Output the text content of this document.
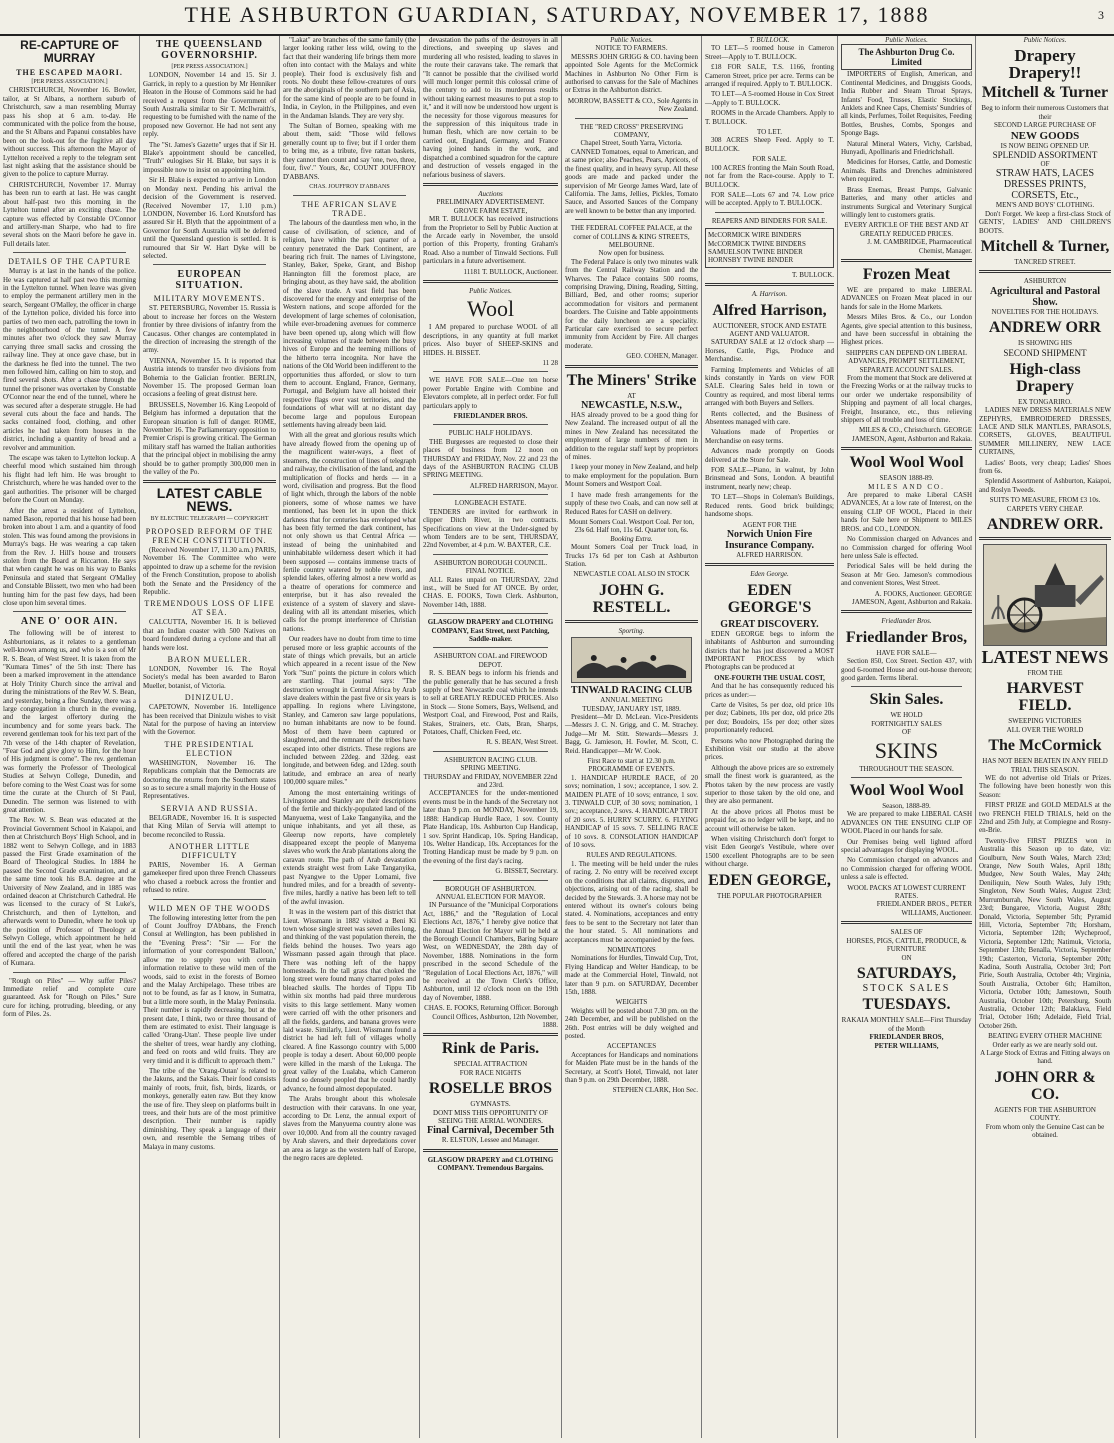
THE ASHBURTON GUARDIAN, SATURDAY, NOVEMBER 17, 1888	3
RE-CAPTURE OF MURRAY
THE ESCAPED MAORI.
[PER PRESS ASSOCIATION.]

CHRISTCHURCH, November 16. Bowler, tailor, at St Albans, a northern suburb of Christchurch, saw a man resembling Murray pass his shop at 6 a.m. to-day. He communicated with the police from the house, and the St Albans and Papanui constables have been on the look-out for the fugitive all day without success. This afternoon the Mayor of Lyttelton received a reply to the telegram sent last night asking that the assistance should be given to the police to capture Murray.

CHRISTCHURCH, November 17. Murray has been run to earth at last. He was caught about half-past two this morning in the Lyttelton tunnel after an exciting chase. The capture was effected by Constable O'Connor and artillery-man Sharpe, who had to fire several shots on the Maori before he gave in. Full details later.

DETAILS OF THE CAPTURE

Murray is at last in the hands of the police. He was captured at half past two this morning in the Lyttelton tunnel. When leave was given to employ the permanent artillery men in the search, Sergeant O'Malley, the officer in charge of the Lyttelton police, divided his force into parties of two men each, patrolling the town in the neighbourhood of the tunnel. A few minutes after two o'clock they saw Murray carrying three small sacks and crossing the railway line. They at once gave chase, but in the darkness he fled into the tunnel. The two men followed him, calling on him to stop, and fired several shots. After a chase through the tunnel the prisoner was overtaken by Constable O'Connor near the end of the tunnel, where he was secured after a desperate struggle. He had several cuts about the face and hands. The sacks contained food, clothing, and other articles he had taken from houses in the district, including a quantity of bread and a revolver and ammunition.

The escape was taken to Lyttelton lockup. A cheerful mood which sustained him through his flight had left him. He was brought to Christchurch, where he was handed over to the gaol authorities. The prisoner will be charged before the Court on Monday.

After the arrest a resident of Lyttelton, named Bason, reported that his house had been broken into about 1 a.m. and a quantity of food stolen. This was found among the provisions in Murray's bags. He was wearing a cap taken from the Rev. J. Hill's house and trousers stolen from the Board at Riccarton. He says that when caught he was on his way to Banks Peninsula and stated that Sergeant O'Malley and Constable Blissett, two men who had been hunting him for the past few days, had been close upon him several times.

ANE O' OOR AIN.

The following will be of interest to Ashburtonians, as it relates to a gentleman well-known among us, and who is a son of Mr R. S. Bean, of West Street. It is taken from the "Kumara Times" of the 5th inst: There has been a marked improvement in the attendance at Holy Trinity Church since the arrival and during the ministrations of the Rev W. S. Bean, and yesterday, being a fine Sunday, there was a large congregation in church in the evening, and the largest offertory during the incumbency and for some years back. The reverend gentleman took for his text part of the 7th verse of the 14th chapter of Revelation, "Fear God and give glory to Him, for the hour of His judgment is come". The rev. gentleman was formerly the Professor of Theological Studies at Selwyn College, Dunedin, and before coming to the West Coast was for some time the curate at the Church of St Paul, Dunedin. The sermon was listened to with great attention.

The Rev. W. S. Bean was educated at the Provincial Government School in Kaiapoi, and then at Christchurch Boys' High School, and in 1882 went to Selwyn College, and in 1883 passed the First Grade examination of the Board of Theological Studies. In 1884 he passed the Second Grade examination, and at the same time took his B.A. degree at the University of New Zealand, and in 1885 was ordained deacon at Christchurch Cathedral. He was licensed to the curacy of St Luke's, Christchurch, and then of Lyttelton, and afterwards went to Dunedin, where he took up the position of Professor of Theology at Selwyn College, which appointment he held until the end of the last year, when he was offered and accepted the charge of the parish of Kumara.

"Rough on Piles" — Why suffer Piles? Immediate relief and complete cure guaranteed. Ask for "Rough on Piles." Sure cure for itching, protruding, bleeding, or any form of Piles. 2s.

THE QUEENSLAND GOVERNORSHIP.
[PER PRESS ASSOCIATION.]

LONDON, November 14 and 15. Sir J. Garrick, in reply to a question by Mr Henniker Heaton in the House of Commons said he had received a request from the Government of South Australia similar to Sir T. McIlwraith's, requesting to be furnished with the name of the proposed new Governor. He had not sent any reply.

The "St. James's Gazette" urges that if Sir H. Blake's appointment should be cancelled, "Truth" eulogises Sir H. Blake, but says it is impossible now to insist on appointing him.

Sir H. Blake is expected to arrive in London on Monday next. Pending his arrival the decision of the Government is reserved. (Received November 17, 1.10 p.m.) LONDON, November 16. Lord Knutsford has assured Sir H. Blyth that the appointment of a Governor for South Australia will be deferred until the Queensland question is settled. It is rumoured that Sir W. Hart Dyke will be selected.

EUROPEAN SITUATION.
MILITARY MOVEMENTS.

ST. PETERSBURG, November 15. Russia is about to increase her forces on the Western frontier by three divisions of infantry from the Caucasus. Other changes are contemplated in the direction of increasing the strength of the army.

VIENNA, November 15. It is reported that Austria intends to transfer two divisions from Bohemia to the Galician frontier. BERLIN, November 15. The proposed German loan occasions a feeling of great distrust here.

BRUSSELS, November 16. King Leopold of Belgium has informed a deputation that the European situation is full of danger. ROME, November 16. The Parliamentary opposition to Premier Crispi is growing critical. The German military staff has warned the Italian authorities that the principal object in mobilising the army should be to gather promptly 300,000 men in the valley of the Po.

LATEST CABLE NEWS.
BY ELECTRIC TELEGRAPH — COPYRIGHT
PROPOSED REFORM OF THE FRENCH CONSTITUTION.

(Received November 17, 11.30 a.m.) PARIS, November 16. The Committee who were appointed to draw up a scheme for the revision of the French Constitution, propose to abolish both the Senate and the Presidency of the Republic.

TREMENDOUS LOSS OF LIFE AT SEA.

CALCUTTA, November 16. It is believed that an Indian coaster with 500 Natives on board foundered during a cyclone and that all hands were lost.

BARON MUELLER.

LONDON, November 16. The Royal Society's medal has been awarded to Baron Mueller, botanist, of Victoria.

DINIZULU.

CAPETOWN, November 16. Intelligence has been received that Dinizulu wishes to visit Natal for the purpose of having an interview with the Governor.

THE PRESIDENTIAL ELECTION

WASHINGTON, November 16. The Republicans complain that the Democrats are doctoring the returns from the Southern states so as to secure a small majority in the House of Representatives.

SERVIA AND RUSSIA.

BELGRADE, November 16. It is suspected that King Milan of Servia will attempt to become reconciled to Russia.

ANOTHER LITTLE DIFFICULTY

PARIS, November 16. A German gamekeeper fired upon three French Chasseurs who chased a roebuck across the frontier and refused to retire.

WILD MEN OF THE WOODS

The following interesting letter from the pen of Count Jouffroy D'Abbans, the French Consul at Wellington, has been published in the "Evening Press": "Sir — For the information of your correspondent 'Balloon,' allow me to supply you with certain information relative to these wild men of the woods, said to exist in the forests of Borneo and the Malay Archipelago. These tribes are not to be found, as far as I know, in Sumatra, but a little more south, in the Malay Peninsula. Their number is rapidly decreasing, but at the present date, I think, two or three thousand of them are estimated to exist. Their language is called 'Orang-Utan'. These people live under the shelter of trees, wear hardly any clothing, and feed on roots and wild fruits. They are very timid and it is difficult to approach them."

The tribe of the 'Orang-Outan' is related to the Jakuns, and the Sakais. Their food consists mainly of roots, fruit, fish, birds, lizards, or monkeys, generally eaten raw. But they know the use of fire. They sleep on platforms built in trees, and their huts are of the most primitive description. Their number is rapidly diminishing. They speak a language of their own, and resemble the Semang tribes of Malaya in many customs.

"Lakat" are branches of the same family (the larger looking rather less wild, owing to the fact that their wandering life brings them more often into contact with the Malays and white people). Their food is exclusively fish and roots. No doubt these fellow-creatures of ours are the aboriginals of the southern part of Asia, for the same kind of people are to be found in India, in Ceylon, in the Philippines, and even in the Andaman Islands. They are very shy.

The Sultan of Borneo, speaking with me about them, said: "Those wild fellows generally count up to five; but if I order them to bring me, as a tribute, five rattan baskets, they cannot then count and say 'one, two, three, four, five'." Yours, &c, COUNT JOUFFROY D'ABBANS.

CHAS. JOUFFROY D'ABBANS
THE AFRICAN SLAVE TRADE.

The labours of the dauntless men who, in the cause of civilisation, of science, and of religion, have within the past quarter of a century penetrated the Dark Continent, are bearing rich fruit. The names of Livingstone, Stanley, Baker, Speke, Grant, and Bishop Hannington fill the foremost place, are bringing about, as they have said, the abolition of the slave trade. A vast field has been discovered for the energy and enterprise of the Western nations, and scope afforded for the development of large schemes of colonisation, while ever-broadening avenues for commerce have been opened up, along which will flow increasing volumes of trade between the busy hives of Europe and the teeming millions of the hitherto terra incognita. Nor have the nations of the Old World been indifferent to the opportunities thus afforded, or slow to turn them to account. England, France, Germany, Portugal, and Belgium have all hoisted their respective flags over vast territories, and the foundations of what will at no distant day become large and populous European settlements having already been laid.

With all the great and glorious results which have already flowed from the opening up of the magnificent water-ways, a fleet of steamers, the construction of lines of telegraph and railway, the civilisation of the land, and the multiplication of flocks and herds — in a word, civilisation and progress. But the flood of light which, through the labors of the noble pioneers, some of whose names we have mentioned, has been let in upon the thick darkness that for centuries has enveloped what has been fitly termed the dark continent, has not only shown us that Central Africa — instead of being the uninhabited and uninhabitable wilderness desert which it had been supposed — contains immense tracts of fertile country watered by noble rivers, and splendid lakes, offering almost a new world as a theatre of operations for commerce and enterprise, but it has also revealed the existence of a system of slavery and slave-dealing with all its attendant miseries, which calls for the prompt interference of Christian nations.

Our readers have no doubt from time to time perused more or less graphic accounts of the state of things which prevails, but an article which appeared in a recent issue of the New York "Sun" points the picture in colors which are startling. That journal says: "The destruction wrought in Central Africa by Arab slave dealers within the past five or six years is appalling. In regions where Livingstone, Stanley, and Cameron saw large populations, no human inhabitants are now to be found. Most of them have been captured or slaughtered, and the remnant of the tribes have escaped into other districts. These regions are included between 22deg. and 32deg. east longitude, and between 6deg. and 12deg. south latitude, and embrace an area of nearly 100,000 square miles."

Among the most entertaining writings of Livingstone and Stanley are their descriptions of the fertile and thickly-populated land of the Manyuema, west of Lake Tanganyika, and the unique inhabitants, and yet all these, as Gleerup now reports, have completely disappeared except the people of Manyema slaves who work the Arab plantations along the caravan route. The path of Arab devastation extends straight west from Lake Tanganyika, past Nyangwe to the Upper Lomami, five hundred miles, and for a breadth of seventy-five miles, hardly a native has been left to tell of the awful invasion.

It was in the western part of this district that Lieut. Wissmann in 1882 visited a Beni Ki town whose single street was seven miles long, and thinking of the vast population therein, the fields behind the houses. Two years ago Wissmann passed again through that place. There was nothing left of the happy homesteads. In the tall grass that choked the long street were found many charred poles and bleached skulls. The hordes of Tippu Tib within six months had paid three murderous visits to this large settlement. Many women were carried off with the other prisoners and all the fields, gardens, and banana groves were laid waste. Similarly, Lieut. Wissmann found a district he had left full of villages wholly cleared. A fine Kassongo country with 5,000 people is today a desert. About 60,000 people were killed in the marsh of the Lukuga. The great valley of the Lualaba, which Cameron found so densely peopled that he could hardly advance, he found almost depopulated.

The Arabs brought about this wholesale destruction with their caravans. In one year, according to Dr. Lenz, the annual export of slaves from the Manyuema country alone was over 10,000. And from all the country ravaged by Arab slavers, and their depredations cover an area as large as the western half of Europe, the negro races are depleted.

devastation the paths of the destroyers in all directions, and sweeping up slaves and murdering all who resisted, leading to slaves in the route their caravans take. The remark that "It cannot be possible that the civilised world will much longer permit this colossal crime of the century to add to its murderous results without taking earnest measures to put a stop to it," and it will now be understood how urgent is the necessity for those vigorous measures for the suppression of this iniquitous trade in human flesh, which are now certain to be carried out, England, Germany, and France having joined hands in the work, and dispatched a combined squadron for the capture and destruction of vessels engaged in the nefarious business of slavers.

Auctions
PRELIMINARY ADVERTISEMENT.
GROVE FARM ESTATE,

MR T. BULLOCK has received instructions from the Proprietor to Sell by Public Auction at the Arcade early in November, the unsold portion of this Property, fronting Graham's Road. Also a number of Tinwald Sections. Full particulars in a future advertisement.

11181 T. BULLOCK, Auctioneer.
Public Notices.
Wool

I AM prepared to purchase WOOL of all descriptions, in any quantity at full market prices. Also buyer of SHEEP-SKINS and HIDES. H. BISSET.

11 28

WE HAVE FOR SALE—One ten horse power Portable Engine with Combine and Elevators complete, all in perfect order. For full particulars apply to

FRIEDLANDER BROS.
PUBLIC HALF HOLIDAYS.

THE Burgesses are requested to close their places of business from 12 noon on THURSDAY and FRIDAY, Nov. 22 and 23 the days of the ASHBURTON RACING CLUB SPRING MEETING.

ALFRED HARRISON, Mayor.
LONGBEACH ESTATE.

TENDERS are invited for earthwork in clipper Ditch River, in two contracts. Specifications on view at the Under-signed by whom Tenders are to be sent, THURSDAY, 22nd November, at 4 p.m. W. BAXTER, C.E.

ASHBURTON BOROUGH COUNCIL.
FINAL NOTICE.

ALL Rates unpaid on THURSDAY, 22nd inst., will be Sued for AT ONCE. By order, CHAS. E. FOOKS, Town Clerk. Ashburton, November 14th, 1888.

GLASGOW DRAPERY and CLOTHING COMPANY, East Street, next Patching, Saddle-maker.
ASHBURTON COAL and FIREWOOD DEPOT.

R. S. BEAN begs to inform his friends and the public generally that he has secured a fresh supply of best Newcastle coal which he intends to sell at GREATLY REDUCED PRICES. Also in Stock — Stone Somers, Bays, Wellsend, and Westport Coal, and Firewood, Post and Rails, Stakes, Strainers, etc. Oats, Bran, Sharps, Potatoes, Chaff, Chicken Feed, etc.

R. S. BEAN, West Street.
ASHBURTON RACING CLUB.
SPRING MEETING.
THURSDAY and FRIDAY, NOVEMBER 22nd and 23rd.

ACCEPTANCES for the under-mentioned events must be in the hands of the Secretary not later than 9 p.m. on MONDAY, November 19, 1888: Handicap Hurdle Race, 1 sov. County Plate Handicap, 10s. Ashburton Cup Handicap, 1 sov. Sprint Handicap, 10s. Spring Handicap, 10s. Welter Handicap, 10s. Acceptances for the Trotting Handicap must be made by 9 p.m. on the evening of the first day's racing.

G. BISSET, Secretary.
BOROUGH OF ASHBURTON.
ANNUAL ELECTION FOR MAYOR.

IN Pursuance of the "Municipal Corporations Act, 1886," and the "Regulation of Local Elections Act, 1876," I hereby give notice that the Annual Election for Mayor will be held at the Borough Council Chambers, Baring Square West, on WEDNESDAY, the 28th day of November, 1888. Nominations in the form prescribed in the second Schedule of the "Regulation of Local Elections Act, 1876," will be received at the Town Clerk's Office, Ashburton, until 12 o'clock noon on the 19th day of November, 1888.

CHAS. E. FOOKS, Returning Officer. Borough Council Offices, Ashburton, 12th November, 1888.
Rink de Paris.
SPECIAL ATTRACTION
FOR RACE NIGHTS
ROSELLE BROS
GYMNASTS.
DONT MISS THIS OPPORTUNITY OF SEEING THE AERIAL WONDERS.
Final Carnival, December 5th
R. ELSTON, Lessee and Manager.
GLASGOW DRAPERY and CLOTHING COMPANY. Tremendous Bargains.
Public Notices.
NOTICE TO FARMERS.

MESSRS JOHN GRIGG & CO. having been appointed Sole Agents for the McCormick Machines in Ashburton No Other Firm is authorised to canvass for the Sale of Machines or Extras in the Ashburton district.

MORROW, BASSETT & CO., Sole Agents in New Zealand.
THE "RED CROSS" PRESERVING COMPANY,
Chapel Street, South Yarra, Victoria.

CANNED Tomatoes, equal to American, and at same price; also Peaches, Pears, Apricots, of the finest quality, and in heavy syrup. All these goods are made and packed under the supervision of Mr George James Ward, late of California. The Jams, Jellies, Pickles, Tomato Sauce, and Assorted Sauces of the Company are well known to be better than any imported.

THE FEDERAL COFFEE PALACE, at the corner of COLLINS & KING STREETS, MELBOURNE.
Now open for business.

The Federal Palace is only two minutes walk from the Central Railway Station and the Wharves. The Palace contains 500 rooms, comprising Drawing, Dining, Reading, Sitting, Billiard, Bed, and other rooms; superior accommodation for visitors and permanent boarders. The Cuisine and Table appointments for the daily luncheon are a speciality. Particular care exercised to secure perfect immunity from Accident by Fire. All charges moderate.

GEO. COHEN, Manager.
The Miners' Strike
AT
NEWCASTLE, N.S.W.,

HAS already proved to be a good thing for New Zealand. The increased output of all the mines in New Zealand has necessitated the employment of large numbers of men in addition to the regular staff kept by proprietors of mines.

I keep your money in New Zealand, and help to make employment for the population. Burn Mount Somers and Westport Coal.

I have made fresh arrangements for the supply of these two Coals, and can now sell at Reduced Rates for CASH on delivery.

Mount Somers Coal. Westport Coal. Per ton, 23s 6d. Half ton, 11s 6d. Quarter ton, 6s.
Booking Extra.

Mount Somers Coal per Truck load, in Trucks 17s 6d per ton Cash at Ashburton Station.

NEWCASTLE COAL ALSO IN STOCK
JOHN G. RESTELL.
Sporting.
TINWALD RACING CLUB
ANNUAL MEETING
TUESDAY, JANUARY 1ST, 1889.

President—Mr D. McLean. Vice-Presidents—Messrs J. C. N. Grigg, and C. M. Strachey. Judge—Mr M. Stitt. Stewards—Messrs J. Bagg, G. Jamieson, H. Fowler, M. Scott, C. Reid. Handicapper—Mr W. Cook.

First Race to start at 12.30 p.m.
PROGRAMME OF EVENTS.

1. HANDICAP HURDLE RACE, of 20 sovs; nomination, 1 sov.; acceptance, 1 sov. 2. MAIDEN PLATE of 10 sovs; entrance, 1 sov. 3. TINWALD CUP, of 30 sovs; nomination, 1 sov.; acceptance, 2 sovs. 4. HANDICAP TROT of 20 sovs. 5. HURRY SCURRY. 6. FLYING HANDICAP of 15 sovs. 7. SELLING RACE of 10 sovs. 8. CONSOLATION HANDICAP of 10 sovs.

RULES AND REGULATIONS.

1. The meeting will be held under the rules of racing. 2. No entry will be received except on the conditions that all claims, disputes, and objections, arising out of the racing, shall be decided by the Stewards. 3. A horse may not be entered without its owner's colours being stated. 4. Nominations, acceptances and entry fees to be sent to the Secretary not later than the hour stated. 5. All nominations and acceptances must be accompanied by the fees.

NOMINATIONS

Nominations for Hurdles, Tinwald Cup, Trot, Flying Handicap and Welter Handicap, to be made at the Commercial Hotel, Tinwald, not later than 9 p.m. on SATURDAY, December 15th, 1888.

WEIGHTS

Weights will be posted about 7.30 pm. on the 24th December, and will be published on the 26th. Post entries will be duly weighed and posted.

ACCEPTANCES

Acceptances for Handicaps and nominations for Maiden Plate must be in the hands of the Secretary, at Scott's Hotel, Tinwald, not later than 9 p.m. on 29th December, 1888.

STEPHEN CLARK, Hon Sec.
T. BULLOCK.

TO LET—5 roomed house in Cameron Street—Apply to T. BULLOCK.

£18 FOR SALE, T.S. 1166, fronting Cameron Street, price per acre. Terms can be arranged if required. Apply to T. BULLOCK.

TO LET—A 5-roomed House in Cox Street—Apply to T. BULLOCK.

ROOMS in the Arcade Chambers. Apply to T. BULLOCK.

TO LET.

308 ACRES Sheep Feed. Apply to T. BULLOCK.

FOR SALE.

100 ACRES fronting the Main South Road, not far from the Race-course. Apply to T. BULLOCK.

FOR SALE—Lots 67 and 74. Low price will be accepted. Apply to T. BULLOCK.

REAPERS AND BINDERS FOR SALE.
McCORMICK WIRE BINDERS
McCORMICK TWINE BINDERS
SAMUELSON TWINE BINDER
HORNSBY TWINE BINDER
T. BULLOCK.
A. Harrison.
Alfred Harrison,
AUCTIONEER, STOCK AND ESTATE AGENT AND VALUATOR.

SATURDAY SALE at 12 o'clock sharp — Horses, Cattle, Pigs, Produce and Merchandise.

Farming Implements and Vehicles of all kinds constantly in Yards on view FOR SALE. Clearing Sales held in town or Country as required, and most liberal terms arranged with both Buyers and Sellers.

Rents collected, and the Business of Absentees managed with care.

Valuations made of Properties or Merchandise on easy terms.

Advances made promptly on Goods delivered at the Store for Sale.

FOR SALE—Piano, in walnut, by John Brinsmead and Sons, London. A beautiful instrument, nearly new; cheap.

TO LET—Shops in Coleman's Buildings, Reduced rents. Good brick buildings; handsome shops.

AGENT FOR THE
Norwich Union Fire Insurance Company.
ALFRED HARRISON.
Eden George.
EDEN GEORGE'S
GREAT DISCOVERY.

EDEN GEORGE begs to inform the inhabitants of Ashburton and surrounding districts that he has just discovered a MOST IMPORTANT PROCESS by which Photographs can be produced at

ONE-FOURTH THE USUAL COST,

And that he has consequently reduced his prices as under:—

Carte de Visites, 5s per doz, old price 10s per doz; Cabinets, 10s per doz, old price 20s per doz; Boudoirs, 15s per doz; other sizes proportionately reduced.

Persons who now Photographed during the Exhibition visit our studio at the above prices.

Although the above prices are so extremely small the finest work is guaranteed, as the Photos taken by the new process are vastly superior to those taken by the old one, and they are also permanent.

At the above prices all Photos must be prepaid for, as no ledger will be kept, and no account will otherwise be taken.

When visiting Christchurch don't forget to visit Eden George's Vestibule, where over 1500 excellent Photographs are to be seen without charge.

EDEN GEORGE,
THE POPULAR PHOTOGRAPHER
Public Notices.
The Ashburton Drug Co. Limited

IMPORTERS of English, American, and Continental Medicines, and Druggists Goods, India Rubber and Steam Throat Sprays, Infants' Food, Trusses, Elastic Stockings, Anklets and Knee Caps, Chemists' Sundries of all kinds, Perfumes, Toilet Requisites, Feeding Bottles, Brushes, Combs, Sponges and Sponge Bags.

Natural Mineral Waters, Vichy, Carlsbad, Hunyadi, Apollinaris and Friedrichshall.

Medicines for Horses, Cattle, and Domestic Animals. Baths and Drenches administered when required.

Brass Enemas, Breast Pumps, Galvanic Batteries, and many other articles and instruments Surgical and Veterinary Surgical willingly lent to customers gratis.

EVERY ARTICLE OF THE BEST AND AT GREATLY REDUCED PRICES.
J. M. CAMBRIDGE, Pharmaceutical Chemist, Manager.
Frozen Meat

WE are prepared to make LIBERAL ADVANCES on Frozen Meat placed in our hands for sale in the Home Markets.

Messrs Miles Bros. & Co., our London Agents, give special attention to this business, and have been successful in obtaining the Highest prices.

SHIPPERS CAN DEPEND ON LIBERAL ADVANCES, PROMPT SETTLEMENT, SEPARATE ACCOUNT SALES.

From the moment that Stock are delivered at the Freezing Works or at the railway trucks to our order we undertake responsibility of Shipping and payment of all local charges, Freight, Insurance, etc., thus relieving shippers of all trouble and loss of time.

MILES & CO., Christchurch. GEORGE JAMESON, Agent, Ashburton and Rakaia.
Wool Wool Wool
SEASON 1888-89.
MILES AND CO.

Are prepared to make Liberal CASH ADVANCES, At a low rate of Interest, on the ensuing CLIP OF WOOL, Placed in their hands for Sale here or Shipment to MILES BROS. and CO., LONDON.

No Commission charged on Advances and no Commission charged for offering Wool here unless Sale is effected.

Periodical Sales will be held during the Season at Mr Geo. Jameson's commodious and convenient Stores, West Street.

A. FOOKS, Auctioneer. GEORGE JAMESON, Agent, Ashburton and Rakaia.
Friedlander Bros.
Friedlander Bros,
HAVE FOR SALE—

Section 850, Cox Street. Section 437, with good 6-roomed House and out-house thereon; good garden. Terms liberal.

Skin Sales.
WE HOLD
FORTNIGHTLY SALES
OF
SKINS
THROUGHOUT THE SEASON.
Wool Wool Wool
Season, 1888-89.

We are prepared to make LIBERAL CASH ADVANCES ON THE ENSUING CLIP OF WOOL Placed in our hands for sale.

Our Premises being well lighted afford special advantages for displaying WOOL.

No Commission charged on advances and no Commission charged for offering WOOL unless a sale is effected.

WOOL PACKS AT LOWEST CURRENT RATES.
FRIEDLANDER BROS., PETER WILLIAMS, Auctioneer.
SALES OF
HORSES, PIGS, CATTLE, PRODUCE, & FURNITURE
ON
SATURDAYS,
STOCK SALES
TUESDAYS.
RAKAIA MONTHLY SALE—First Thursday of the Month
FRIEDLANDER BROS,
PETER WILLIAMS,
Public Notices.
Drapery Drapery!!
Mitchell & Turner
Beg to inform their numerous Customers that their
SECOND LARGE PURCHASE OF
NEW GOODS
IS NOW BEING OPENED UP.
SPLENDID ASSORTMENT
OF
STRAW HATS, LACES
DRESSES PRINTS,
CORSETS, Etc.,
MEN'S AND BOYS' CLOTHING.

Don't Forget. We keep a first-class Stock of GENTS', LADIES' AND CHILDREN'S BOOTS.

Mitchell & Turner,
TANCRED STREET.
ASHBURTON
Agricultural and Pastoral Show.
NOVELTIES FOR THE HOLIDAYS.
ANDREW ORR
IS SHOWING HIS
SECOND SHIPMENT
High-class Drapery
EX TONGARIRO.

LADIES NEW DRESS MATERIALS NEW ZEPHYRS, EMBROIDERED DRESSES, LACE AND SILK MANTLES, PARASOLS, CORSETS, GLOVES, BEAUTIFUL SUMMER MILLINERY, NEW LACE CURTAINS,

Ladies' Boots, very cheap; Ladies' Shoes from 6s.

Splendid Assortment of Ashburton, Kaiapoi, and Roslyn Tweeds.

SUITS TO MEASURE, FROM £3 10s.
CARPETS VERY CHEAP.
ANDREW ORR.
LATEST NEWS
FROM THE
HARVEST FIELD.
SWEEPING VICTORIES
ALL OVER THE WORLD
The McCormick
HAS NOT BEEN BEATEN IN ANY FIELD TRIAL THIS SEASON.

WE do not advertise old Trials or Prizes. The following have been honestly won this Season:

FIRST PRIZE and GOLD MEDALS at the two FRENCH FIELD TRIALS, held on the 22nd and 25th July, at Compiegne and Rosny-en-Brie.

Twenty-five FIRST PRIZES won in Australia this Season up to date, viz: Goulburn, New South Wales, March 23rd; Orange, New South Wales, April 18th; Mudgee, New South Wales, May 24th; Deniliquin, New South Wales, July 19th; Singleton, New South Wales, August 23rd; Murrumburrah, New South Wales, August 23rd; Bungaree, Victoria, August 28th; Donald, Victoria, September 5th; Pyramid Hill, Victoria, September 7th; Horsham, Victoria, September 12th; Wycheproof, Victoria, September 12th; Natimuk, Victoria, September 13th; Benalla, Victoria, September 19th; Casterton, Victoria, September 20th; Kadina, South Australia, October 3rd; Port Pirie, South Australia, October 4th; Virginia, South Australia, October 6th; Hamilton, Victoria, October 10th; Jamestown, South Australia, October 10th; Petersburg, South Australia, October 12th; Balaklava, Field Trial, October 16th; Adelaide, Field Trial, October 26th.

BEATING EVERY OTHER MACHINE
Order early as we are nearly sold out.
A Large Stock of Extras and Fitting always on hand.
JOHN ORR & CO.
AGENTS FOR THE ASHBURTON COUNTY.
From whom only the Genuine Cast can be obtained.
